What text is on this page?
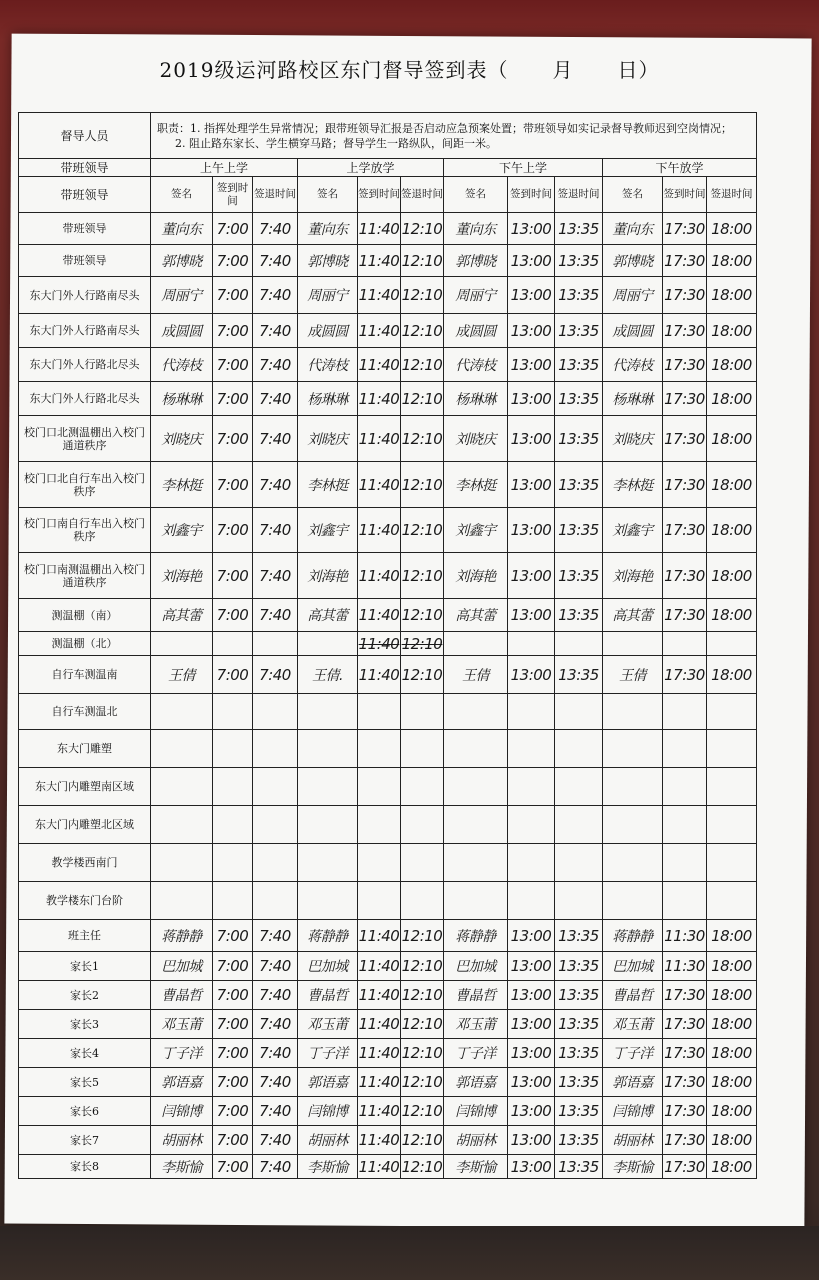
2019级运河路校区东门督导签到表（ 月 日）
督导人员	职责：1. 指挥处理学生异常情况；跟带班领导汇报是否启动应急预案处置；带班领导如实记录督导教师迟到空岗情况；
2. 阻止路东家长、学生横穿马路；督导学生一路纵队，间距一米。											

带班领导	上午上学			上学放学			下午上学			下午放学		
带班领导	签名	签到时间	签退时间	签名	签到时间	签退时间	签名	签到时间	签退时间	签名	签到时间	签退时间
带班领导	董向东	7:00	7:40	董向东	11:40	12:10	董向东	13:00	13:35	董向东	17:30	18:00
带班领导	郭博晓	7:00	7:40	郭博晓	11:40	12:10	郭博晓	13:00	13:35	郭博晓	17:30	18:00
东大门外人行路南尽头	周丽宁	7:00	7:40	周丽宁	11:40	12:10	周丽宁	13:00	13:35	周丽宁	17:30	18:00
东大门外人行路南尽头	成圆圆	7:00	7:40	成圆圆	11:40	12:10	成圆圆	13:00	13:35	成圆圆	17:30	18:00
东大门外人行路北尽头	代涛枝	7:00	7:40	代涛枝	11:40	12:10	代涛枝	13:00	13:35	代涛枝	17:30	18:00
东大门外人行路北尽头	杨琳琳	7:00	7:40	杨琳琳	11:40	12:10	杨琳琳	13:00	13:35	杨琳琳	17:30	18:00
校门口北测温棚出入校门通道秩序	刘晓庆	7:00	7:40	刘晓庆	11:40	12:10	刘晓庆	13:00	13:35	刘晓庆	17:30	18:00
校门口北自行车出入校门秩序	李林挺	7:00	7:40	李林挺	11:40	12:10	李林挺	13:00	13:35	李林挺	17:30	18:00
校门口南自行车出入校门秩序	刘鑫宇	7:00	7:40	刘鑫宇	11:40	12:10	刘鑫宇	13:00	13:35	刘鑫宇	17:30	18:00
校门口南测温棚出入校门通道秩序	刘海艳	7:00	7:40	刘海艳	11:40	12:10	刘海艳	13:00	13:35	刘海艳	17:30	18:00
测温棚（南）	高其蕾	7:00	7:40	高其蕾	11:40	12:10	高其蕾	13:00	13:35	高其蕾	17:30	18:00
测温棚（北）					11:40	12:10						
自行车测温南	王倩	7:00	7:40	王倩.	11:40	12:10	王倩	13:00	13:35	王倩	17:30	18:00
自行车测温北												
东大门雕塑												
东大门内雕塑南区域												
东大门内雕塑北区域												
教学楼西南门												
教学楼东门台阶												
班主任	蒋静静	7:00	7:40	蒋静静	11:40	12:10	蒋静静	13:00	13:35	蒋静静	11:30	18:00
家长1	巴加城	7:00	7:40	巴加城	11:40	12:10	巴加城	13:00	13:35	巴加城	11:30	18:00
家长2	曹晶哲	7:00	7:40	曹晶哲	11:40	12:10	曹晶哲	13:00	13:35	曹晶哲	17:30	18:00
家长3	邓玉莆	7:00	7:40	邓玉莆	11:40	12:10	邓玉莆	13:00	13:35	邓玉莆	17:30	18:00
家长4	丁子洋	7:00	7:40	丁子洋	11:40	12:10	丁子洋	13:00	13:35	丁子洋	17:30	18:00
家长5	郭语嘉	7:00	7:40	郭语嘉	11:40	12:10	郭语嘉	13:00	13:35	郭语嘉	17:30	18:00
家长6	闫锦博	7:00	7:40	闫锦博	11:40	12:10	闫锦博	13:00	13:35	闫锦博	17:30	18:00
家长7	胡丽林	7:00	7:40	胡丽林	11:40	12:10	胡丽林	13:00	13:35	胡丽林	17:30	18:00
家长8	李斯愉	7:00	7:40	李斯愉	11:40	12:10	李斯愉	13:00	13:35	李斯愉	17:30	18:00
